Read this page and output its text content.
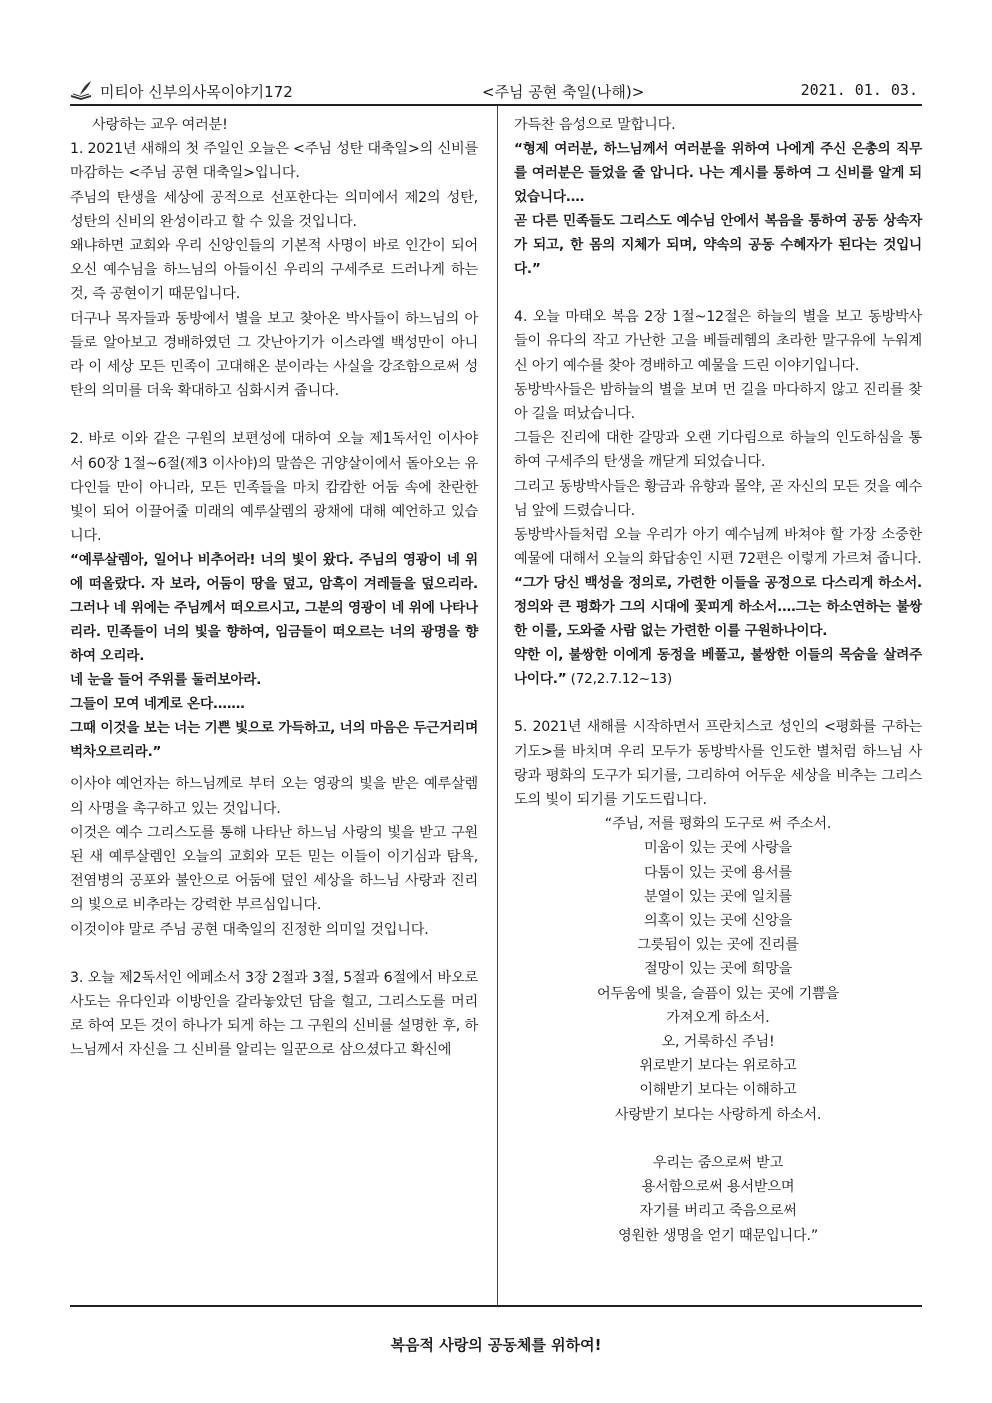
미티아 신부의사목이야기172	<주님 공현 축일(나해)>	2021. 01. 03.

사랑하는 교우 여러분!

1. 2021년 새해의 첫 주일인 오늘은 <주님 성탄 대축일>의 신비를 마감하는 <주님 공현 대축일>입니다.

주님의 탄생을 세상에 공적으로 선포한다는 의미에서 제2의 성탄, 성탄의 신비의 완성이라고 할 수 있을 것입니다.

왜냐하면 교회와 우리 신앙인들의 기본적 사명이 바로 인간이 되어 오신 예수님을 하느님의 아들이신 우리의 구세주로 드러나게 하는 것, 즉 공현이기 때문입니다.

더구나 목자들과 동방에서 별을 보고 찾아온 박사들이 하느님의 아들로 알아보고 경배하였던 그 갓난아기가 이스라엘 백성만이 아니라 이 세상 모든 민족이 고대해온 분이라는 사실을 강조함으로써 성탄의 의미를 더욱 확대하고 심화시켜 줍니다.

2. 바로 이와 같은 구원의 보편성에 대하여 오늘 제1독서인 이사야서 60장 1절~6절(제3 이사야)의 말씀은 귀양살이에서 돌아오는 유다인들 만이 아니라, 모든 민족들을 마치 캄캄한 어둠 속에 찬란한 빛이 되어 이끌어줄 미래의 예루살렘의 광채에 대해 예언하고 있습니다.

“예루살렘아, 일어나 비추어라! 너의 빛이 왔다. 주님의 영광이 네 위에 떠올랐다. 자 보라, 어둠이 땅을 덮고, 암흑이 겨레들을 덮으리라. 그러나 네 위에는 주님께서 떠오르시고, 그분의 영광이 네 위에 나타나리라. 민족들이 너의 빛을 향하여, 임금들이 떠오르는 너의 광명을 향하여 오리라.

네 눈을 들어 주위를 둘러보아라.

그들이 모여 네게로 온다.……

그때 이것을 보는 너는 기쁜 빛으로 가득하고, 너의 마음은 두근거리며 벅차오르리라.”

이사야 예언자는 하느님께로 부터 오는 영광의 빛을 받은 예루살렘의 사명을 촉구하고 있는 것입니다.

이것은 예수 그리스도를 통해 나타난 하느님 사랑의 빛을 받고 구원된 새 예루살렘인 오늘의 교회와 모든 믿는 이들이 이기심과 탐욕, 전염병의 공포와 불안으로 어둠에 덮인 세상을 하느님 사랑과 진리의 빛으로 비추라는 강력한 부르심입니다.

이것이야 말로 주님 공현 대축일의 진정한 의미일 것입니다.

3. 오늘 제2독서인 에페소서 3장 2절과 3절, 5절과 6절에서 바오로 사도는 유다인과 이방인을 갈라놓았던 담을 헐고, 그리스도를 머리로 하여 모든 것이 하나가 되게 하는 그 구원의 신비를 설명한 후, 하느님께서 자신을 그 신비를 알리는 일꾼으로 삼으셨다고 확신에

가득찬 음성으로 말합니다.

“형제 여러분, 하느님께서 여러분을 위하여 나에게 주신 은총의 직무를 여러분은 들었을 줄 압니다. 나는 계시를 통하여 그 신비를 알게 되었습니다.…

곧 다른 민족들도 그리스도 예수님 안에서 복음을 통하여 공동 상속자가 되고, 한 몸의 지체가 되며, 약속의 공동 수혜자가 된다는 것입니다.”

4. 오늘 마태오 복음 2장 1절~12절은 하늘의 별을 보고 동방박사들이 유다의 작고 가난한 고을 베들레헴의 초라한 말구유에 누워계신 아기 예수를 찾아 경배하고 예물을 드린 이야기입니다.

동방박사들은 밤하늘의 별을 보며 먼 길을 마다하지 않고 진리를 찾아 길을 떠났습니다.

그들은 진리에 대한 갈망과 오랜 기다림으로 하늘의 인도하심을 통하여 구세주의 탄생을 깨닫게 되었습니다.

그리고 동방박사들은 황금과 유향과 몰약, 곧 자신의 모든 것을 예수님 앞에 드렸습니다.

동방박사들처럼 오늘 우리가 아기 예수님께 바쳐야 할 가장 소중한 예물에 대해서 오늘의 화답송인 시편 72편은 이렇게 가르쳐 줍니다.

“그가 당신 백성을 정의로, 가련한 이들을 공정으로 다스리게 하소서. 정의와 큰 평화가 그의 시대에 꽃피게 하소서.…그는 하소연하는 불쌍한 이를, 도와줄 사람 없는 가련한 이를 구원하나이다.

약한 이, 불쌍한 이에게 동정을 베풀고, 불쌍한 이들의 목숨을 살려주나이다.” (72,2.7.12~13)

5. 2021년 새해를 시작하면서 프란치스코 성인의 <평화를 구하는 기도>를 바치며 우리 모두가 동방박사를 인도한 별처럼 하느님 사랑과 평화의 도구가 되기를, 그리하여 어두운 세상을 비추는 그리스도의 빛이 되기를 기도드립니다.

“주님, 저를 평화의 도구로 써 주소서.

미움이 있는 곳에 사랑을

다툼이 있는 곳에 용서를

분열이 있는 곳에 일치를

의혹이 있는 곳에 신앙을

그릇됨이 있는 곳에 진리를

절망이 있는 곳에 희망을

어두움에 빛을, 슬픔이 있는 곳에 기쁨을

가져오게 하소서.

오, 거룩하신 주님!

위로받기 보다는 위로하고

이해받기 보다는 이해하고

사랑받기 보다는 사랑하게 하소서.

우리는 줌으로써 받고

용서함으로써 용서받으며

자기를 버리고 죽음으로써

영원한 생명을 얻기 때문입니다.”

복음적 사랑의 공동체를 위하여!
